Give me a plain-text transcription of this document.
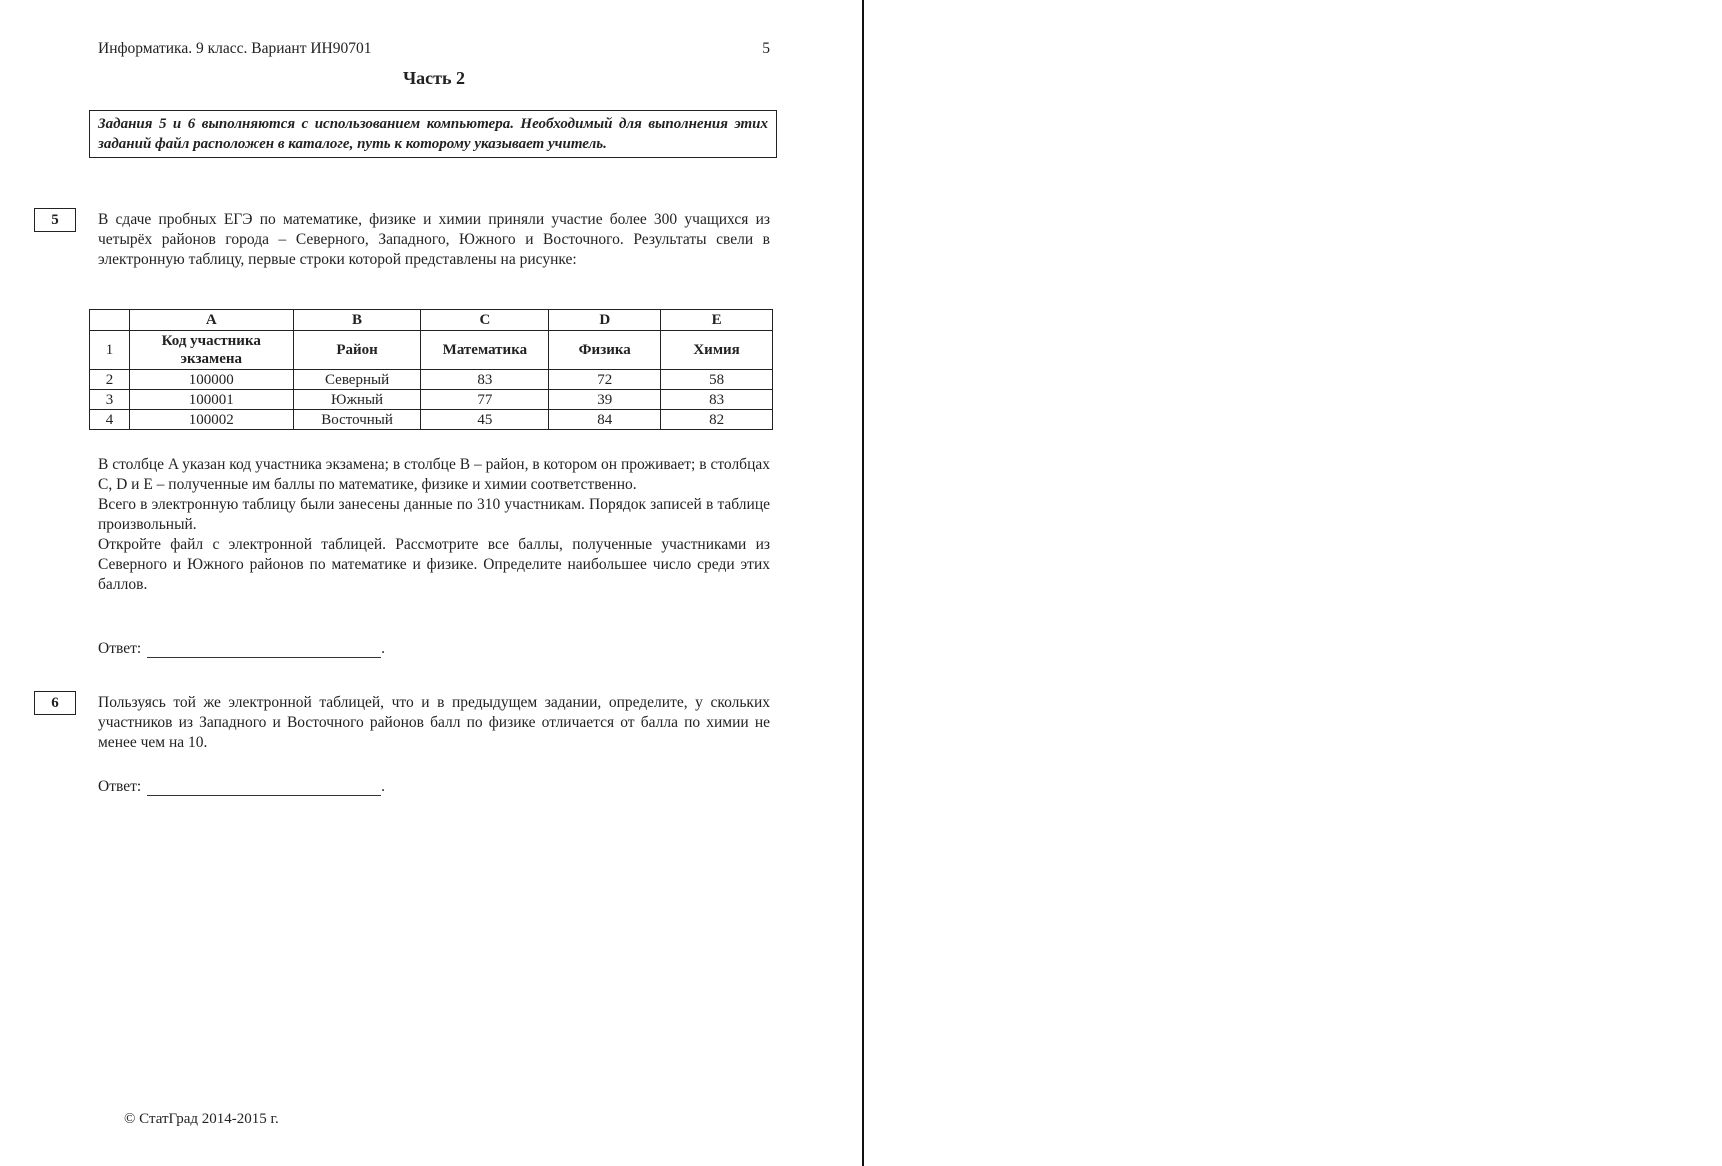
Информатика. 9 класс. Вариант ИН90701	5
Часть 2
Задания 5 и 6 выполняются с использованием компьютера. Необходимый для выполнения этих заданий файл расположен в каталоге, путь к которому указывает учитель.
5	В сдаче пробных ЕГЭ по математике, физике и химии приняли участие более 300 учащихся из четырёх районов города – Северного, Западного, Южного и Восточного. Результаты свели в электронную таблицу, первые строки которой представлены на рисунке:
	A	B	C	D	E
1	Код участника экзамена	Район	Математика	Физика	Химия
2	100000	Северный	83	72	58
3	100001	Южный	77	39	83
4	100002	Восточный	45	84	82

В столбце A указан код участника экзамена; в столбце B – район, в котором он проживает; в столбцах C, D и E – полученные им баллы по математике, физике и химии соответственно.

Всего в электронную таблицу были занесены данные по 310 участникам. Порядок записей в таблице произвольный.

Откройте файл с электронной таблицей. Рассмотрите все баллы, полученные участниками из Северного и Южного районов по математике и физике. Определите наибольшее число среди этих баллов.

Ответ:	.
6	Пользуясь той же электронной таблицей, что и в предыдущем задании, определите, у скольких участников из Западного и Восточного районов балл по физике отличается от балла по химии не менее чем на 10.
Ответ:	.
© СтатГрад 2014-2015 г.
